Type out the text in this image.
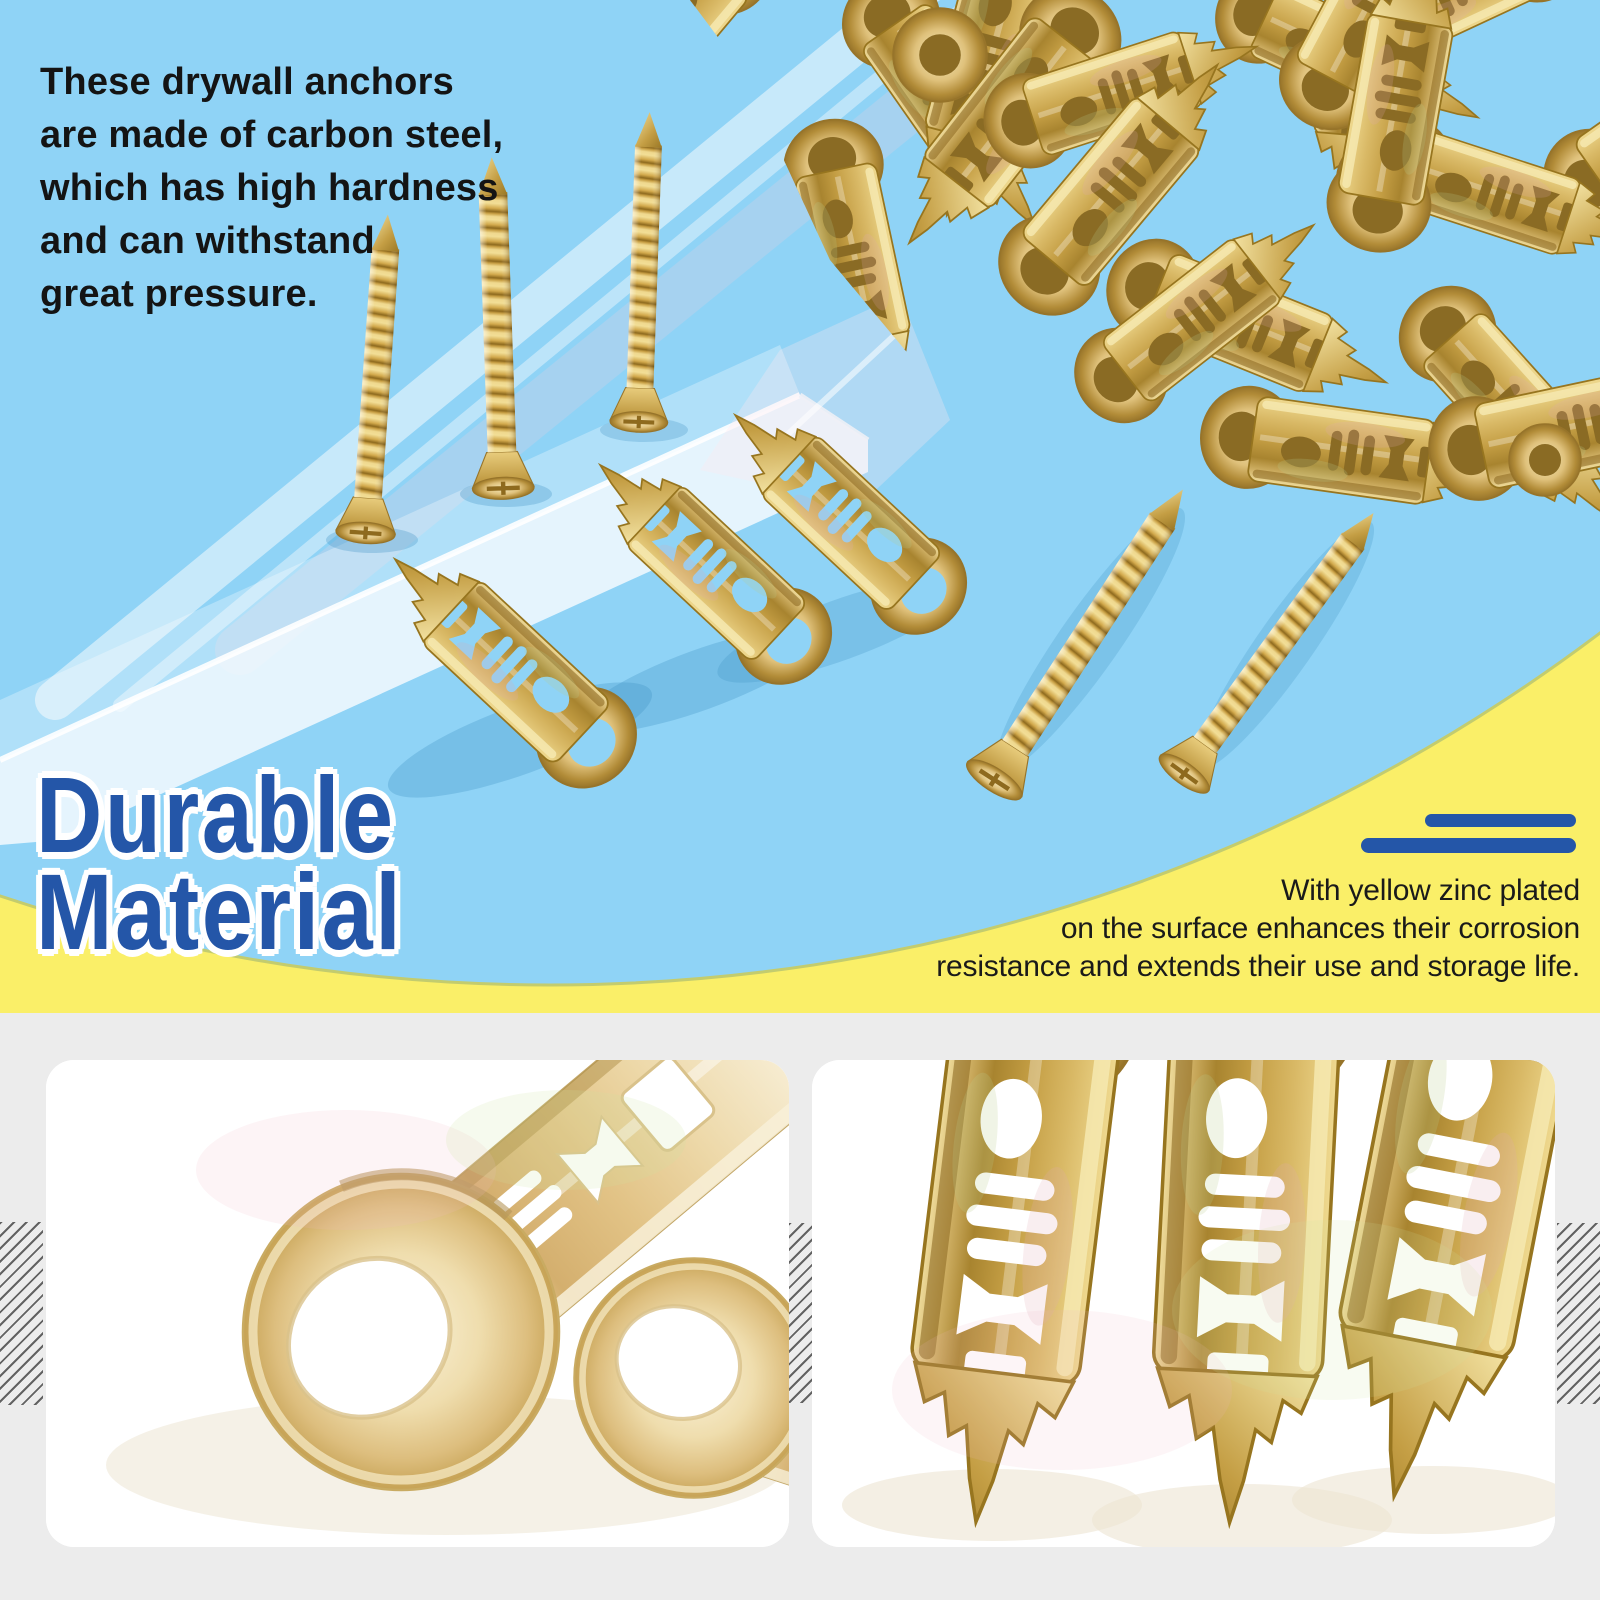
These drywall anchors
are made of carbon steel,
which has high hardness
and can withstand
great pressure.
Durable
Material	With yellow zinc plated
on the surface enhances their corrosion
resistance and extends their use and storage life.
